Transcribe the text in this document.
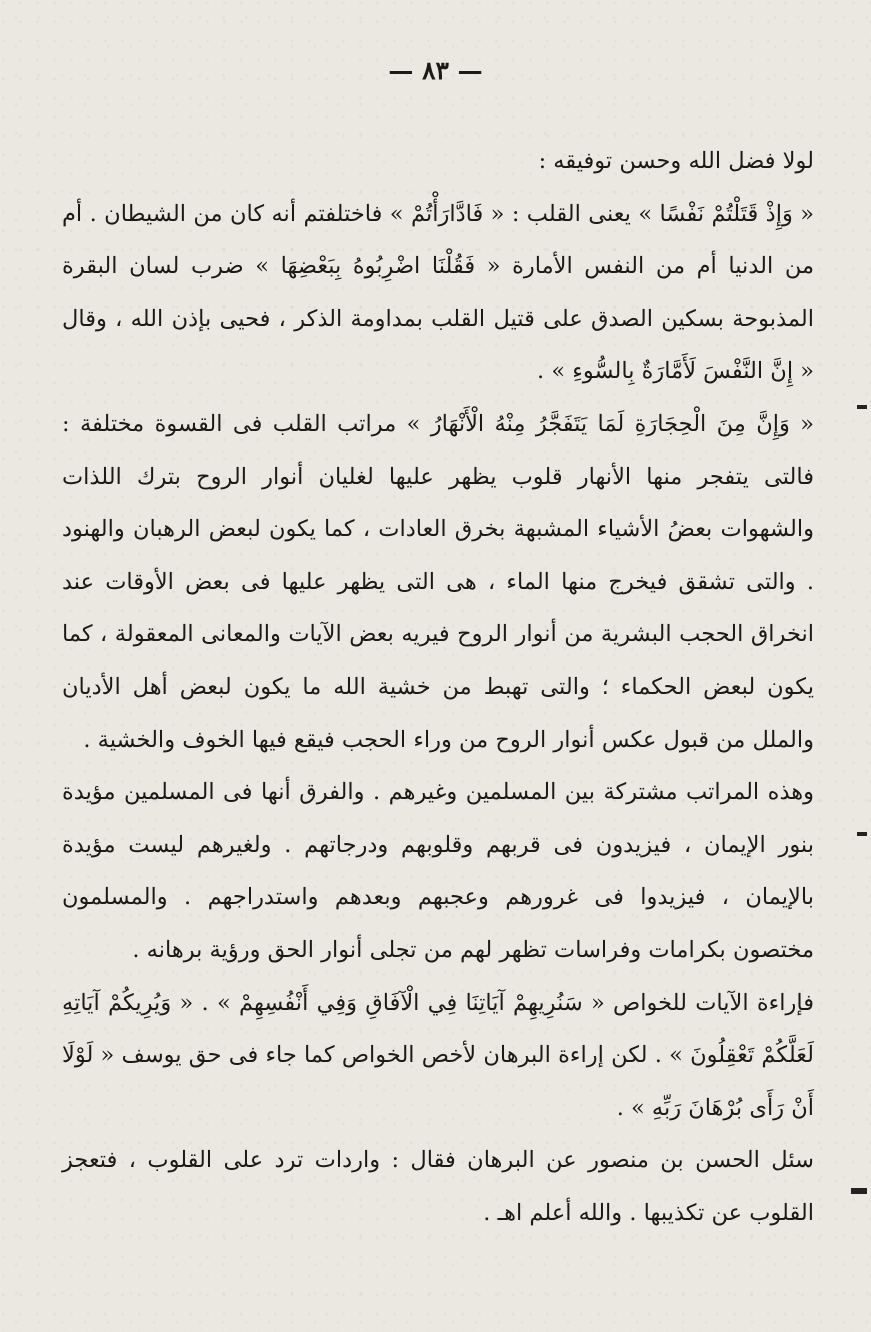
— ٨٣ —

لولا فضل الله وحسن توفيقه :

« وَإِذْ قَتَلْتُمْ نَفْسًا » يعنى القلب : « فَادَّارَأْتُمْ » فاختلفتم أنه كان من الشيطان . أم من الدنيا أم من النفس الأمارة « فَقُلْنَا اضْرِبُوهُ بِبَعْضِهَا » ضرب لسان البقرة المذبوحة بسكين الصدق على قتيل القلب بمداومة الذكر ، فحيى بإذن الله ، وقال « إِنَّ النَّفْسَ لَأَمَّارَةٌ بِالسُّوءِ » .

« وَإِنَّ مِنَ الْحِجَارَةِ لَمَا يَتَفَجَّرُ مِنْهُ الْأَنْهَارُ » مراتب القلب فى القسوة مختلفة : فالتى يتفجر منها الأنهار قلوب يظهر عليها لغليان أنوار الروح بترك اللذات والشهوات بعضُ الأشياء المشبهة بخرق العادات ، كما يكون لبعض الرهبان والهنود . والتى تشقق فيخرج منها الماء ، هى التى يظهر عليها فى بعض الأوقات عند انخراق الحجب البشرية من أنوار الروح فيريه بعض الآيات والمعانى المعقولة ، كما يكون لبعض الحكماء ؛ والتى تهبط من خشية الله ما يكون لبعض أهل الأديان والملل من قبول عكس أنوار الروح من وراء الحجب فيقع فيها الخوف والخشية .

وهذه المراتب مشتركة بين المسلمين وغيرهم . والفرق أنها فى المسلمين مؤيدة بنور الإيمان ، فيزيدون فى قربهم وقلوبهم ودرجاتهم . ولغيرهم ليست مؤيدة بالإيمان ، فيزيدوا فى غرورهم وعجبهم وبعدهم واستدراجهم . والمسلمون مختصون بكرامات وفراسات تظهر لهم من تجلى أنوار الحق ورؤية برهانه .

فإراءة الآيات للخواص « سَنُرِيهِمْ آيَاتِنَا فِي الْآفَاقِ وَفِي أَنْفُسِهِمْ » . « وَيُرِيكُمْ آيَاتِهِ لَعَلَّكُمْ تَعْقِلُونَ » . لكن إراءة البرهان لأخص الخواص كما جاء فى حق يوسف « لَوْلَا أَنْ رَأَى بُرْهَانَ رَبِّهِ » .

سئل الحسن بن منصور عن البرهان فقال : واردات ترد على القلوب ، فتعجز القلوب عن تكذيبها . والله أعلم اهـ .
